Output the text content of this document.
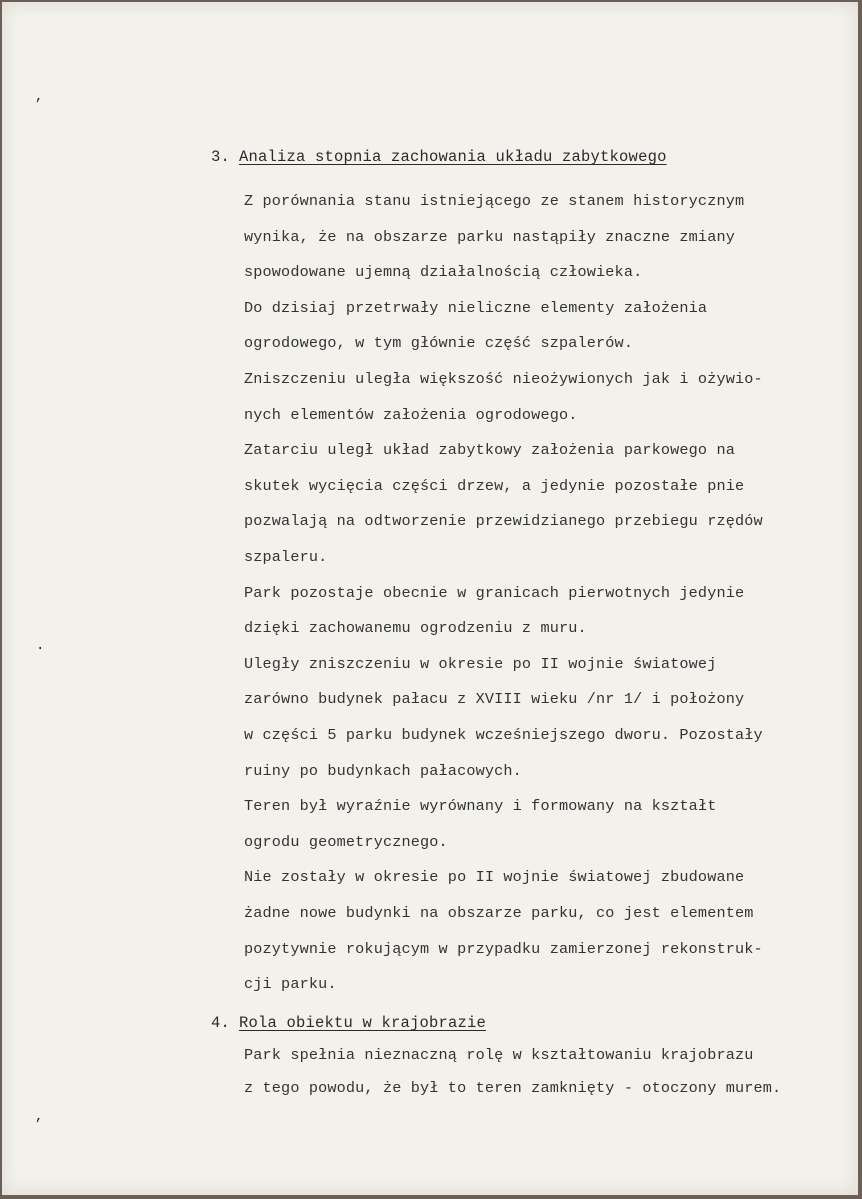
’
·
’
3. Analiza stopnia zachowania układu zabytkowego
Z porównania stanu istniejącego ze stanem historycznym
wynika, że na obszarze parku nastąpiły znaczne zmiany
spowodowane ujemną działalnością człowieka.
Do dzisiaj przetrwały nieliczne elementy założenia
ogrodowego, w tym głównie część szpalerów.
Zniszczeniu uległa większość nieożywionych jak i ożywio-
nych elementów założenia ogrodowego.
Zatarciu uległ układ zabytkowy założenia parkowego na
skutek wycięcia części drzew, a jedynie pozostałe pnie
pozwalają na odtworzenie przewidzianego przebiegu rzędów
szpaleru.
Park pozostaje obecnie w granicach pierwotnych jedynie
dzięki zachowanemu ogrodzeniu z muru.
Uległy zniszczeniu w okresie po II wojnie światowej
zarówno budynek pałacu z XVIII wieku /nr 1/ i położony
w części 5 parku budynek wcześniejszego dworu. Pozostały
ruiny po budynkach pałacowych.
Teren był wyraźnie wyrównany i formowany na kształt
ogrodu geometrycznego.
Nie zostały w okresie po II wojnie światowej zbudowane
żadne nowe budynki na obszarze parku, co jest elementem
pozytywnie rokującym w przypadku zamierzonej rekonstruk-
cji parku.
4. Rola obiektu w krajobrazie
Park spełnia nieznaczną rolę w kształtowaniu krajobrazu
z tego powodu, że był to teren zamknięty - otoczony murem.
